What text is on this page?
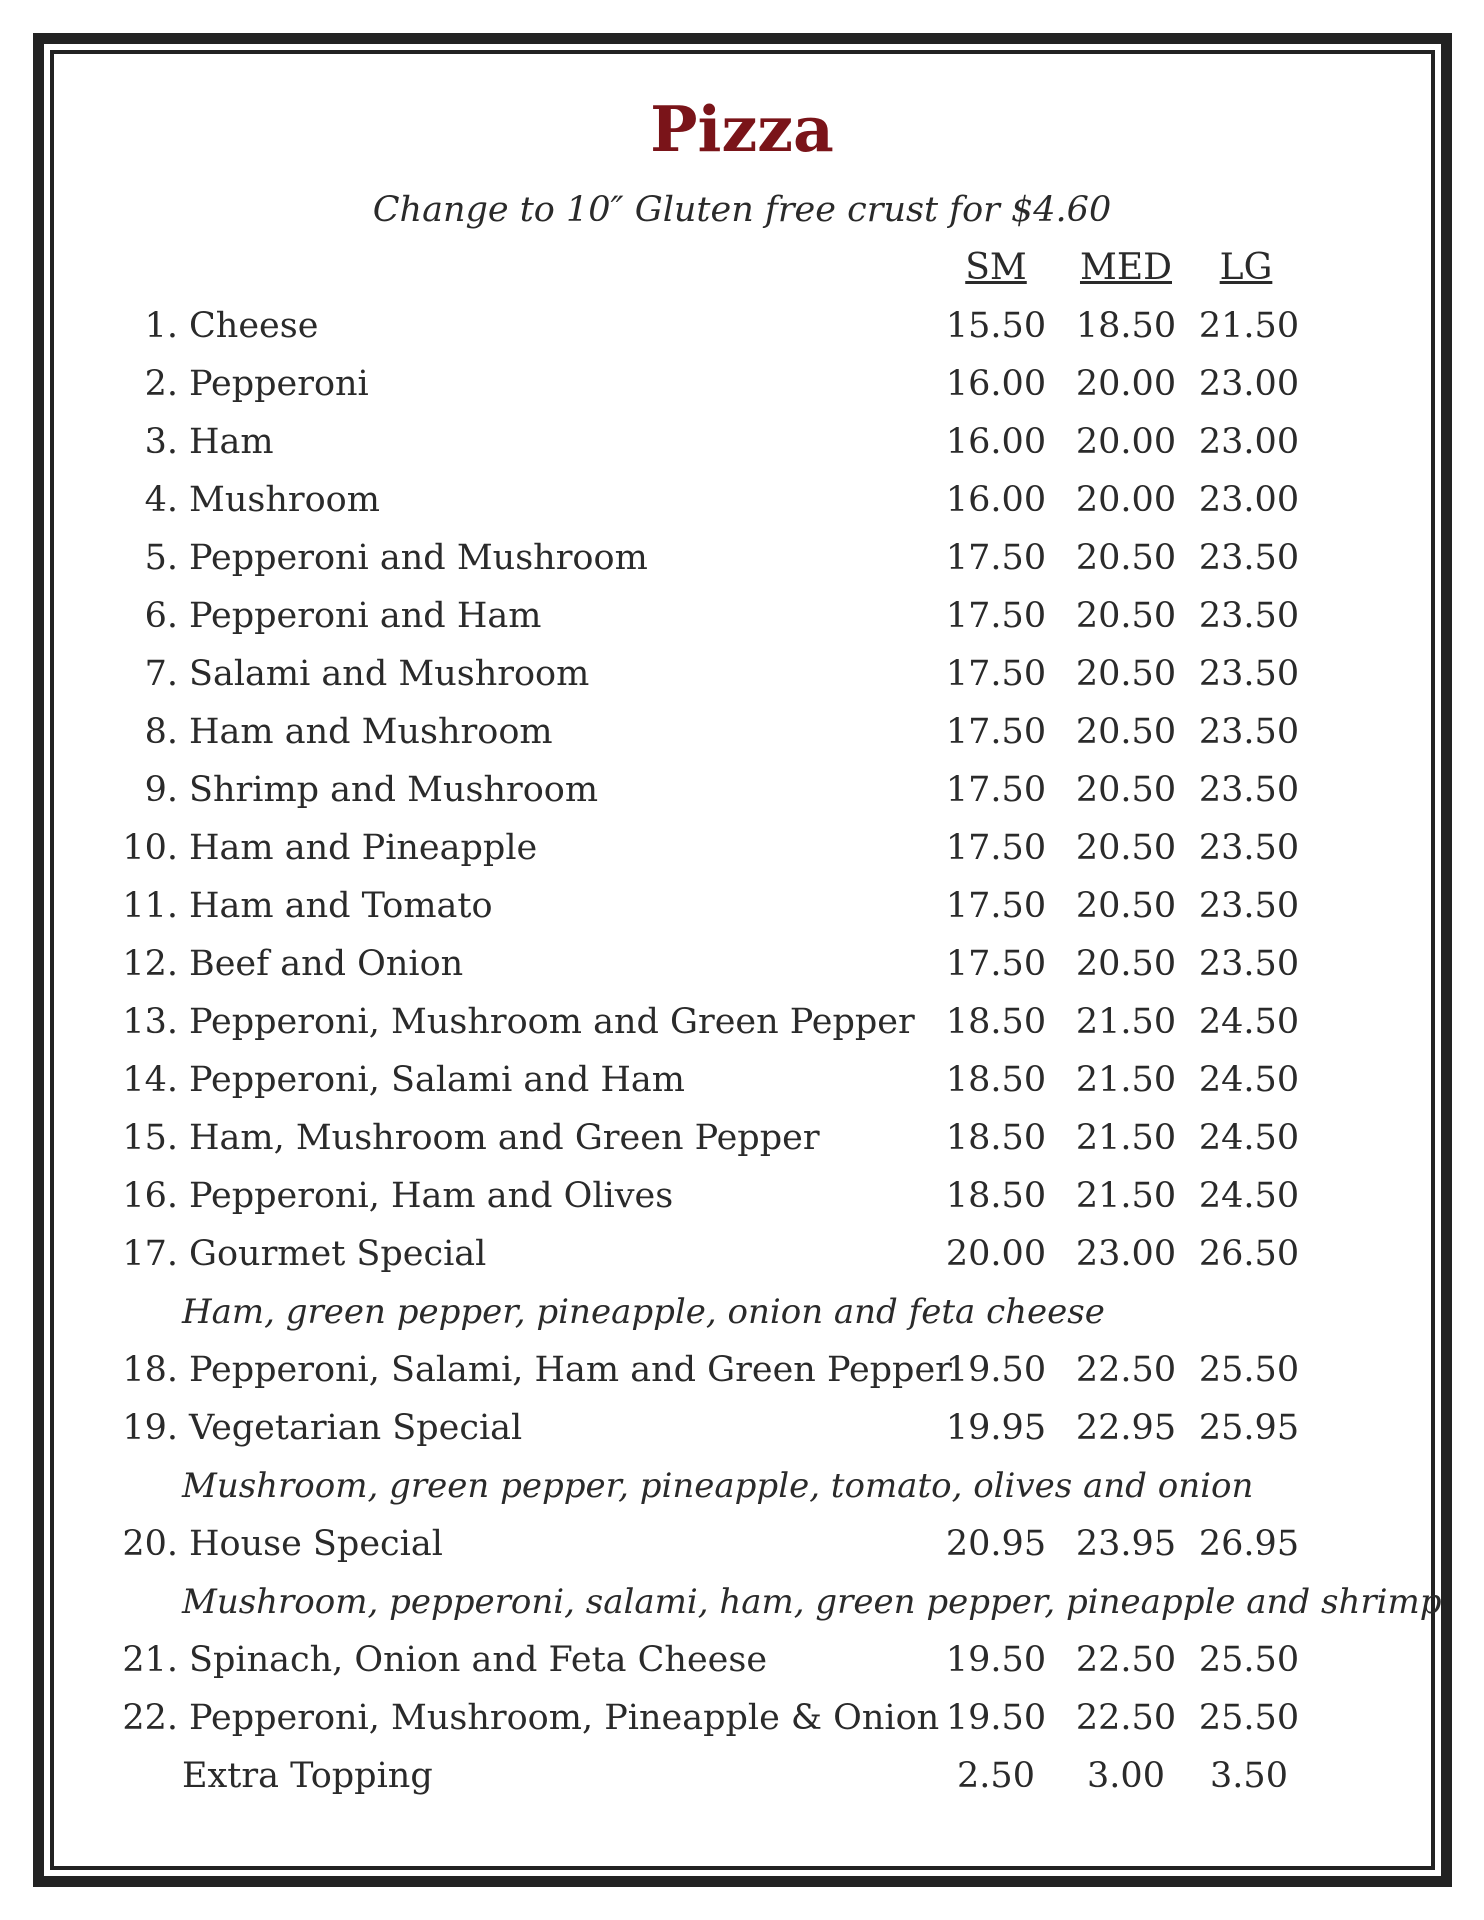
Pizza
Change to 10″ Gluten free crust for $4.60
SM	MED	LG
1. Cheese	15.50 18.50 21.50
2. Pepperoni	16.00 20.00 23.00
3. Ham	16.00 20.00 23.00
4. Mushroom	16.00 20.00 23.00
5. Pepperoni and Mushroom	17.50 20.50 23.50
6. Pepperoni and Ham	17.50 20.50 23.50
7. Salami and Mushroom	17.50 20.50 23.50
8. Ham and Mushroom	17.50 20.50 23.50
9. Shrimp and Mushroom	17.50 20.50 23.50
10. Ham and Pineapple	17.50 20.50 23.50
11. Ham and Tomato	17.50 20.50 23.50
12. Beef and Onion	17.50 20.50 23.50
13. Pepperoni, Mushroom and Green Pepper 18.50 21.50 24.50
14. Pepperoni, Salami and Ham	18.50 21.50 24.50
15. Ham, Mushroom and Green Pepper	18.50 21.50 24.50
16. Pepperoni, Ham and Olives	18.50 21.50 24.50
17. Gourmet Special	20.00 23.00 26.50
Ham, green pepper, pineapple, onion and feta cheese
18. Pepperoni, Salami, Ham and Green Pepper
19.50 22.50 25.50
19. Vegetarian Special	19.95 22.95 25.95
Mushroom, green pepper, pineapple, tomato, olives and onion
20. House Special	20.95 23.95 26.95
Mushroom, pepperoni, salami, ham, green pepper, pineapple and shrimp
21. Spinach, Onion and Feta Cheese	19.50 22.50 25.50
22. Pepperoni, Mushroom, Pineapple & Onion 19.50 22.50 25.50
Extra Topping	2.50	3.00	3.50
